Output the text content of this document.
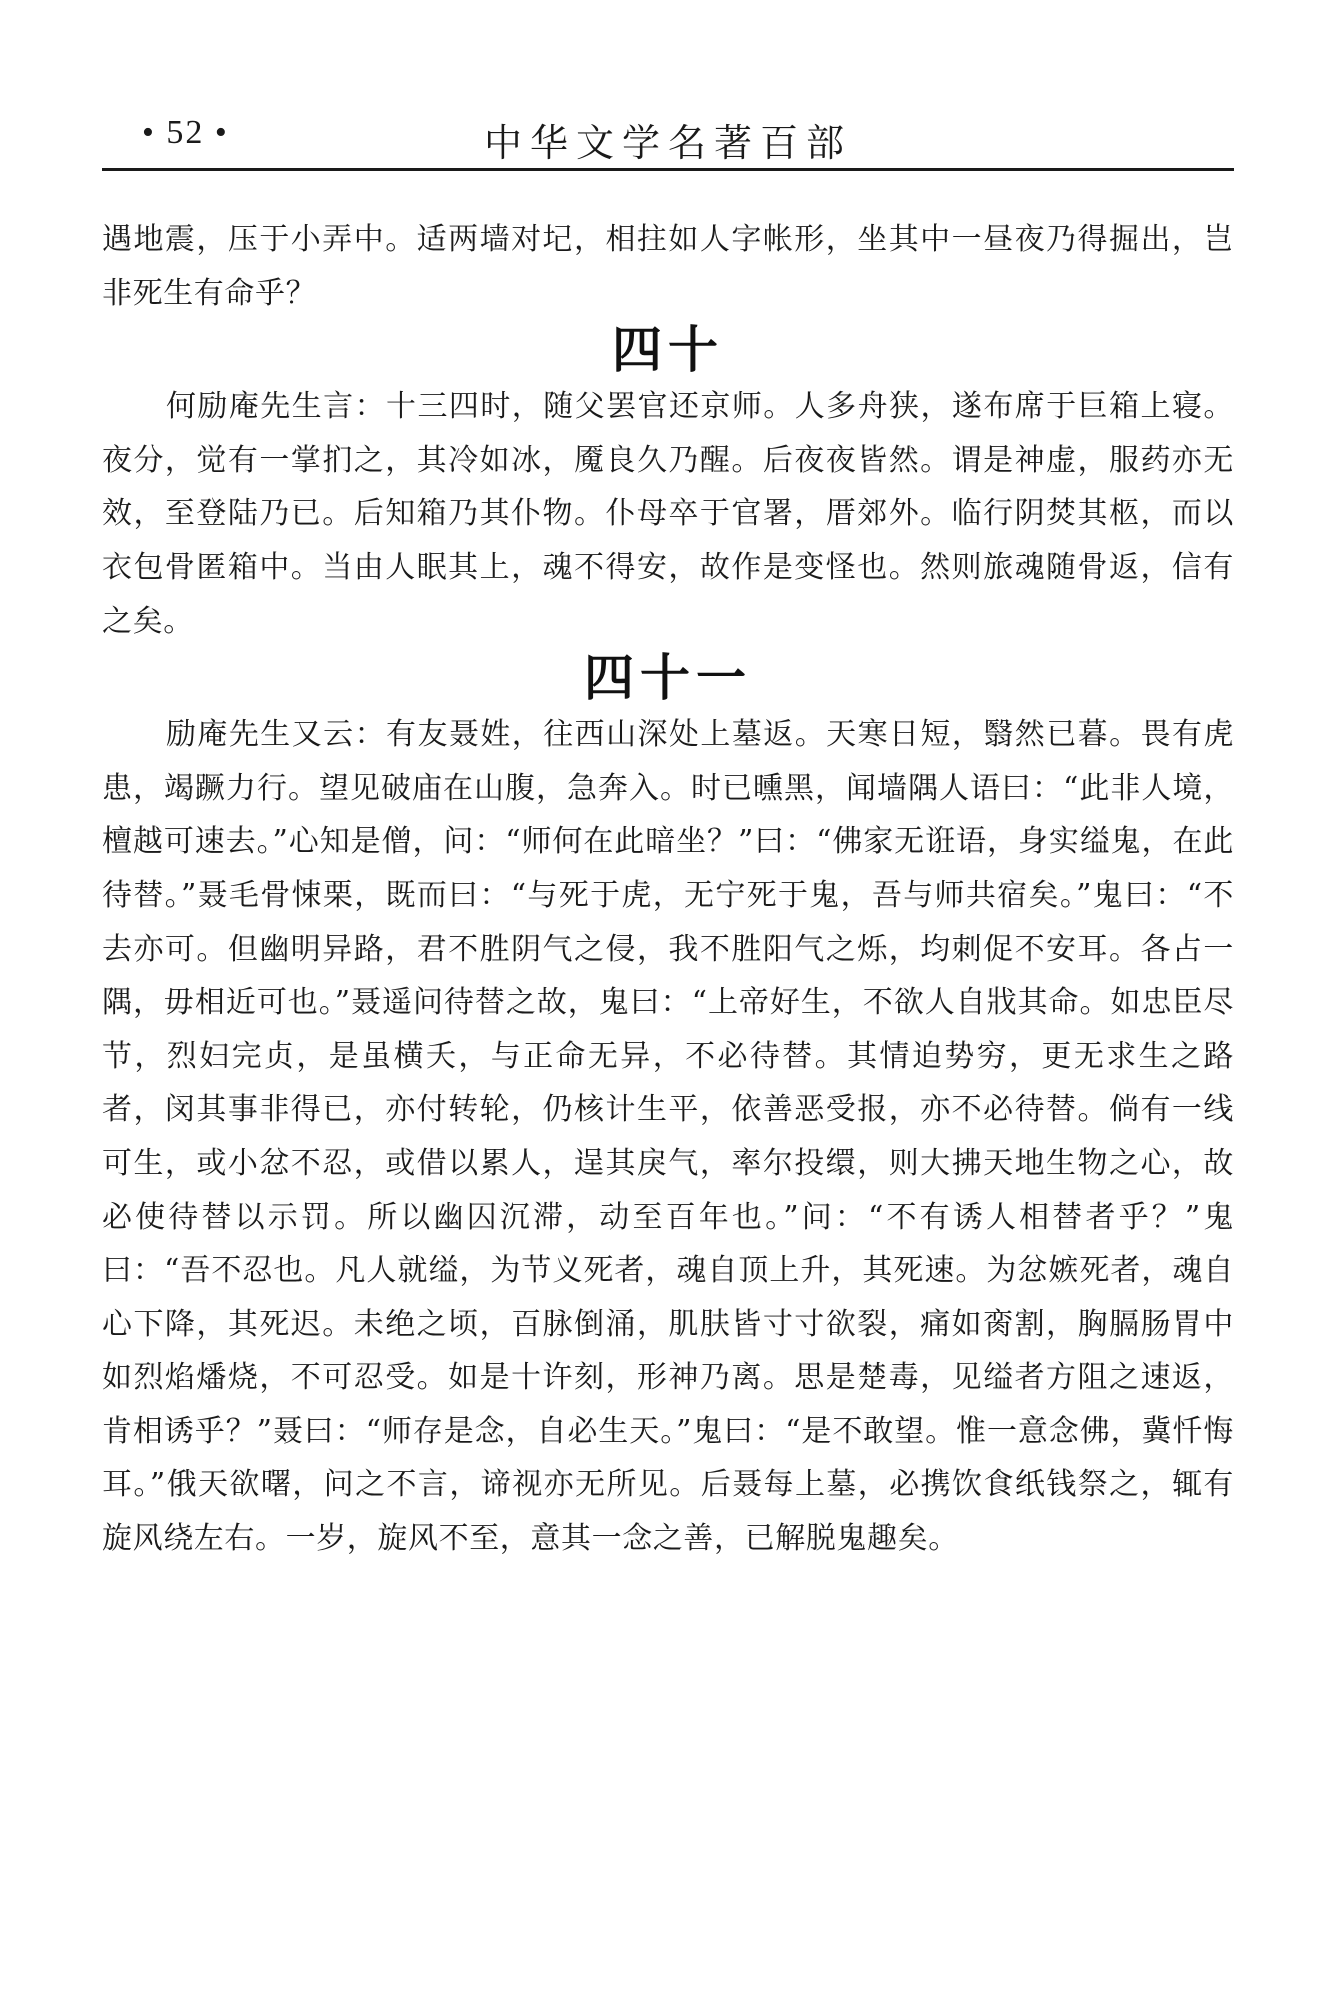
• 52 •	中华文学名著百部

遇地震，压于小弄中。适两墙对圮，相拄如人字帐形，坐其中一昼夜乃得掘出，岂非死生有命乎？

四十

何励庵先生言：十三四时，随父罢官还京师。人多舟狭，遂布席于巨箱上寝。夜分，觉有一掌扪之，其冷如冰，魇良久乃醒。后夜夜皆然。谓是神虚，服药亦无效，至登陆乃已。后知箱乃其仆物。仆母卒于官署，厝郊外。临行阴焚其柩，而以衣包骨匿箱中。当由人眠其上，魂不得安，故作是变怪也。然则旅魂随骨返，信有之矣。

四十一

励庵先生又云：有友聂姓，往西山深处上墓返。天寒日短，翳然已暮。畏有虎患，竭蹶力行。望见破庙在山腹，急奔入。时已曛黑，闻墙隅人语曰：“此非人境，檀越可速去。”心知是僧，问：“师何在此暗坐？”曰：“佛家无诳语，身实缢鬼，在此待替。”聂毛骨悚栗，既而曰：“与死于虎，无宁死于鬼，吾与师共宿矣。”鬼曰：“不去亦可。但幽明异路，君不胜阴气之侵，我不胜阳气之烁，均刺促不安耳。各占一隅，毋相近可也。”聂遥问待替之故，鬼曰：“上帝好生，不欲人自戕其命。如忠臣尽节，烈妇完贞，是虽横夭，与正命无异，不必待替。其情迫势穷，更无求生之路者，闵其事非得已，亦付转轮，仍核计生平，依善恶受报，亦不必待替。倘有一线可生，或小忿不忍，或借以累人，逞其戾气，率尔投缳，则大拂天地生物之心，故必使待替以示罚。所以幽囚沉滞，动至百年也。”问：“不有诱人相替者乎？”鬼曰：“吾不忍也。凡人就缢，为节义死者，魂自顶上升，其死速。为忿嫉死者，魂自心下降，其死迟。未绝之顷，百脉倒涌，肌肤皆寸寸欲裂，痛如脔割，胸膈肠胃中如烈焰燔烧，不可忍受。如是十许刻，形神乃离。思是楚毒，见缢者方阻之速返，肯相诱乎？”聂曰：“师存是念，自必生天。”鬼曰：“是不敢望。惟一意念佛，冀忏悔耳。”俄天欲曙，问之不言，谛视亦无所见。后聂每上墓，必携饮食纸钱祭之，辄有旋风绕左右。一岁，旋风不至，意其一念之善，已解脱鬼趣矣。
